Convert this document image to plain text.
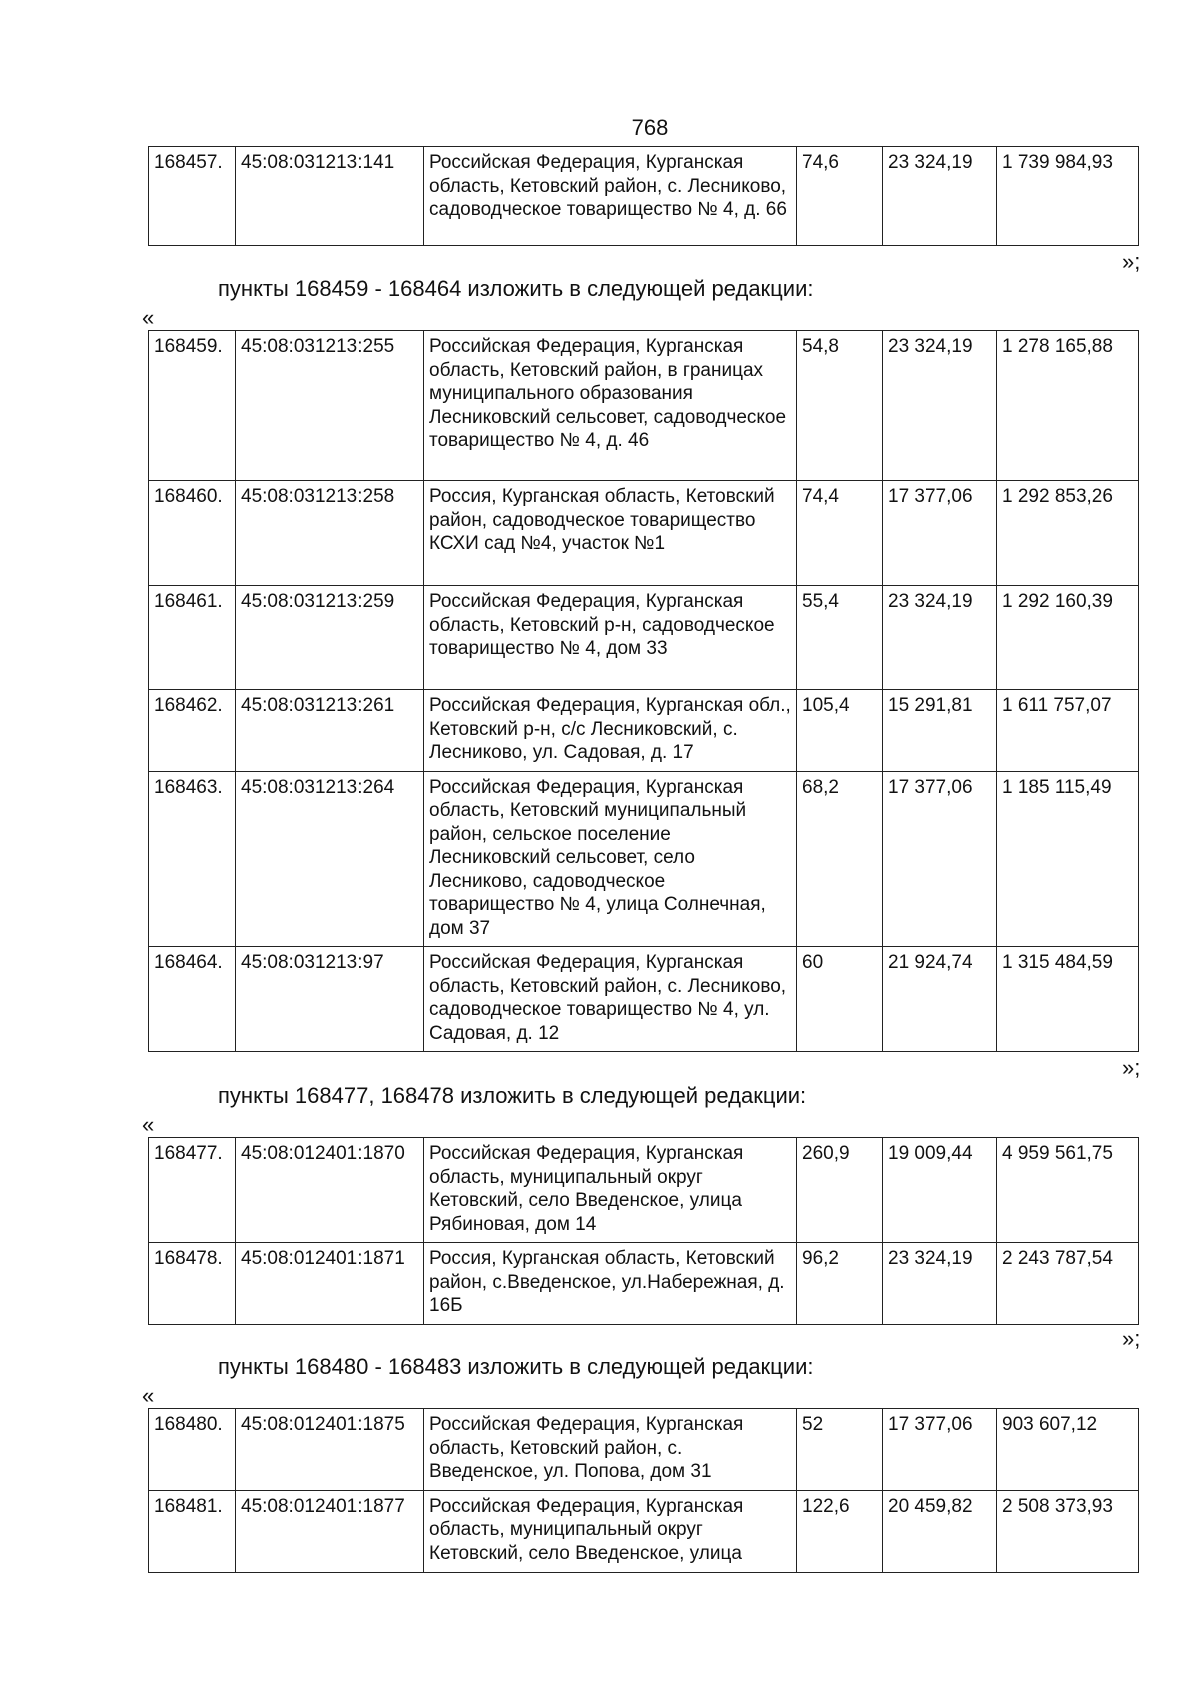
768
168457.	45:08:031213:141	Российская Федерация, Курганская область, Кетовский район, с. Лесниково, садоводческое товарищество № 4, д. 66	74,6	23 324,19	1 739 984,93
»;
пункты 168459 - 168464 изложить в следующей редакции:
«
168459.	45:08:031213:255	Российская Федерация, Курганская область, Кетовский район, в границах муниципального образования Лесниковский сельсовет, садоводческое товарищество № 4, д. 46	54,8	23 324,19	1 278 165,88
168460.	45:08:031213:258	Россия, Курганская область, Кетовский район, садоводческое товарищество КСХИ сад №4, участок №1	74,4	17 377,06	1 292 853,26
168461.	45:08:031213:259	Российская Федерация, Курганская область, Кетовский р-н, садоводческое товарищество № 4, дом 33	55,4	23 324,19	1 292 160,39
168462.	45:08:031213:261	Российская Федерация, Курганская обл., Кетовский р-н, с/с Лесниковский, с. Лесниково, ул. Садовая, д. 17	105,4	15 291,81	1 611 757,07
168463.	45:08:031213:264	Российская Федерация, Курганская область, Кетовский муниципальный район, сельское поселение Лесниковский сельсовет, село Лесниково, садоводческое товарищество № 4, улица Солнечная, дом 37	68,2	17 377,06	1 185 115,49
168464.	45:08:031213:97	Российская Федерация, Курганская область, Кетовский район, с. Лесниково, садоводческое товарищество № 4, ул. Садовая, д. 12	60	21 924,74	1 315 484,59
»;
пункты 168477, 168478 изложить в следующей редакции:
«
168477.	45:08:012401:1870	Российская Федерация, Курганская область, муниципальный округ Кетовский, село Введенское, улица Рябиновая, дом 14	260,9	19 009,44	4 959 561,75
168478.	45:08:012401:1871	Россия, Курганская область, Кетовский район, с.Введенское, ул.Набережная, д. 16Б	96,2	23 324,19	2 243 787,54
»;
пункты 168480 - 168483 изложить в следующей редакции:
«
168480.	45:08:012401:1875	Российская Федерация, Курганская область, Кетовский район, с. Введенское, ул. Попова, дом 31	52	17 377,06	903 607,12
168481.	45:08:012401:1877	Российская Федерация, Курганская область, муниципальный округ Кетовский, село Введенское, улица	122,6	20 459,82	2 508 373,93
